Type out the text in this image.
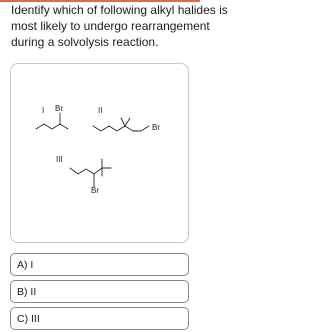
Identify which of following alkyl halides is
most likely to undergo rearrangement
during a solvolysis reaction.

I Br	II
Br
III
Br
A) I
B) II
C) III
